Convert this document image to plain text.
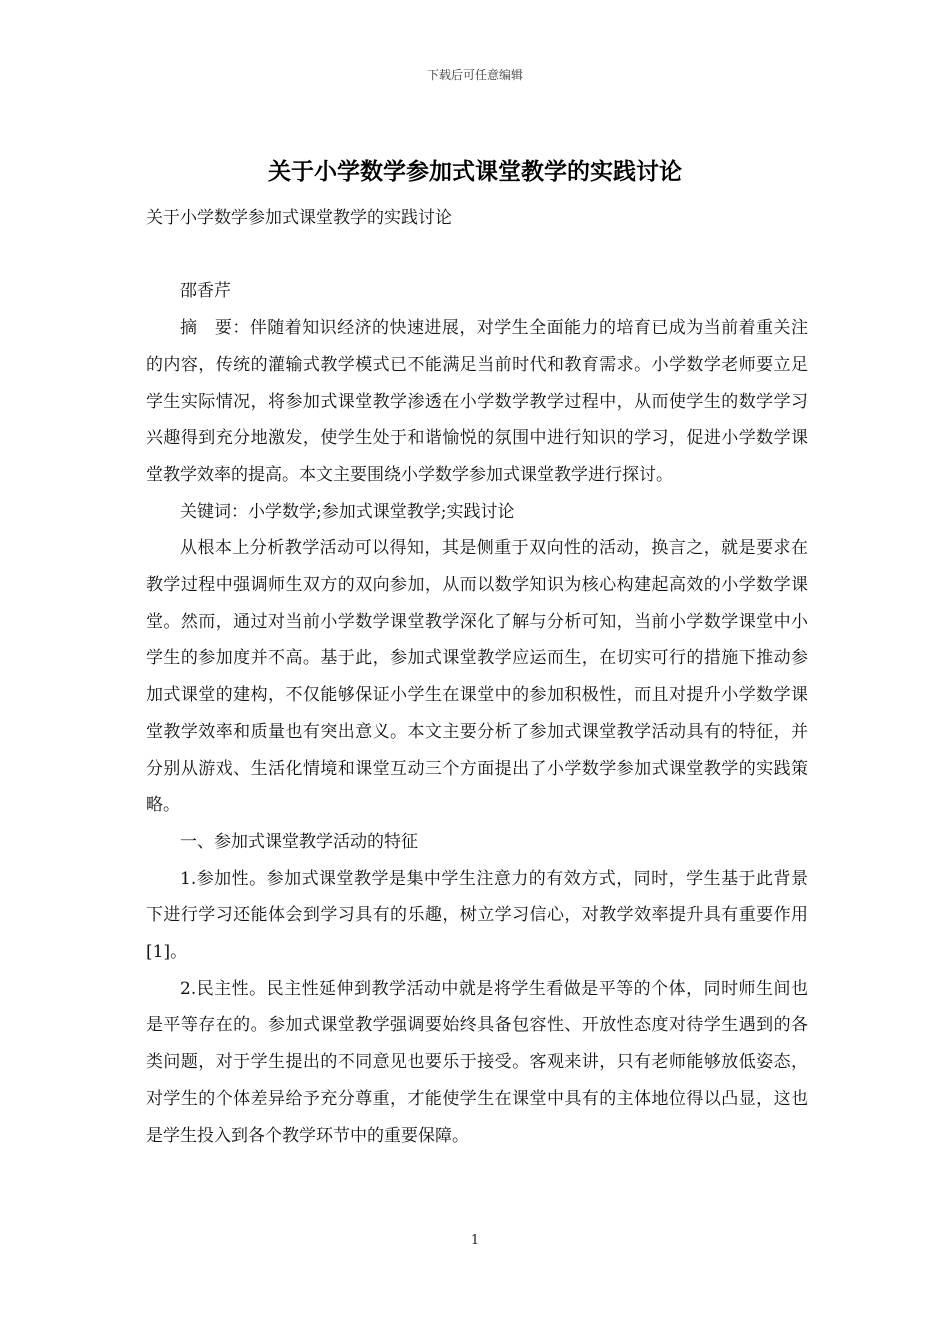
下载后可任意编辑
关于小学数学参加式课堂教学的实践讨论

关于小学数学参加式课堂教学的实践讨论

邵香芹

摘　要：伴随着知识经济的快速进展，对学生全面能力的培育已成为当前着重关注的内容，传统的灌输式教学模式已不能满足当前时代和教育需求。小学数学老师要立足学生实际情况，将参加式课堂教学渗透在小学数学教学过程中，从而使学生的数学学习兴趣得到充分地激发，使学生处于和谐愉悦的氛围中进行知识的学习，促进小学数学课堂教学效率的提高。本文主要围绕小学数学参加式课堂教学进行探讨。

关键词：小学数学;参加式课堂教学;实践讨论

从根本上分析教学活动可以得知，其是侧重于双向性的活动，换言之，就是要求在教学过程中强调师生双方的双向参加，从而以数学知识为核心构建起高效的小学数学课堂。然而，通过对当前小学数学课堂教学深化了解与分析可知，当前小学数学课堂中小学生的参加度并不高。基于此，参加式课堂教学应运而生，在切实可行的措施下推动参加式课堂的建构，不仅能够保证小学生在课堂中的参加积极性，而且对提升小学数学课堂教学效率和质量也有突出意义。本文主要分析了参加式课堂教学活动具有的特征，并分别从游戏、生活化情境和课堂互动三个方面提出了小学数学参加式课堂教学的实践策略。

一、参加式课堂教学活动的特征

1.参加性。参加式课堂教学是集中学生注意力的有效方式，同时，学生基于此背景下进行学习还能体会到学习具有的乐趣，树立学习信心，对教学效率提升具有重要作用[1]。

2.民主性。民主性延伸到教学活动中就是将学生看做是平等的个体，同时师生间也是平等存在的。参加式课堂教学强调要始终具备包容性、开放性态度对待学生遇到的各类问题，对于学生提出的不同意见也要乐于接受。客观来讲，只有老师能够放低姿态，对学生的个体差异给予充分尊重，才能使学生在课堂中具有的主体地位得以凸显，这也是学生投入到各个教学环节中的重要保障。

1
